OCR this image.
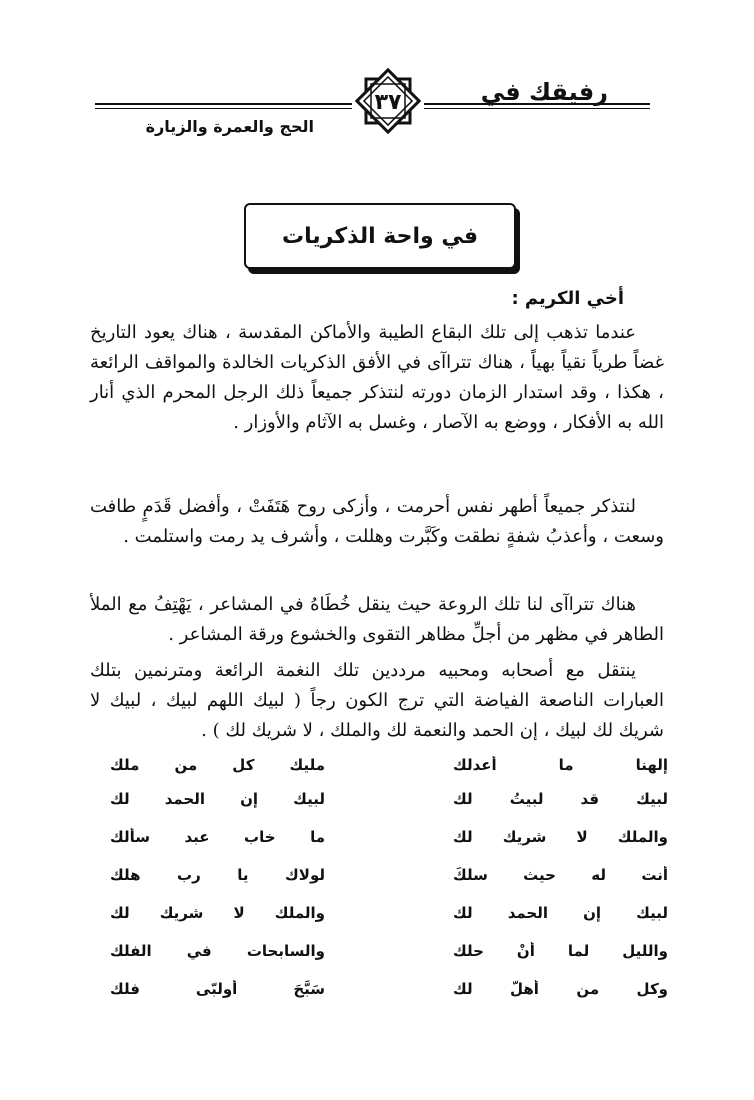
رفيقك في
الحج والعمرة والزيارة
٣٧
في واحة الذكريات
أخي الكريم :

عندما تذهب إلى تلك البقاع الطيبة والأماكن المقدسة ، هناك يعود التاريخ غضاً طرياً نقياً بهياً ، هناك تتراآى في الأفق الذكريات الخالدة والمواقف الرائعة ، هكذا ، وقد استدار الزمان دورته لنتذكر جميعاً ذلك الرجل المحرم الذي أنار الله به الأفكار ، ووضع به الآصار ، وغسل به الآثام والأوزار .

لنتذكر جميعاً أطهر نفس أحرمت ، وأزكى روح هَتَفَتْ ، وأفضل قَدَمٍ طافت وسعت ، وأعذبُ شفةٍ نطقت وكَبَّرت وهللت ، وأشرف يد رمت واستلمت .

هناك تتراآى لنا تلك الروعة حيث ينقل خُطَاهُ في المشاعر ، يَهْتِفُ مع الملأ الطاهر في مظهر من أجلِّ مظاهر التقوى والخشوع ورقة المشاعر .

ينتقل مع أصحابه ومحبيه مرددين تلك النغمة الرائعة ومترنمين بتلك العبارات الناصعة الفياضة التي ترج الكون رجاً ( لبيك اللهم لبيك ، لبيك لا شريك لك لبيك ، إن الحمد والنعمة لك والملك ، لا شريك لك ) .

إلهنا ما أعدلك
مليك كل من ملك
لبيك قد لبيتُ لك
لبيك إن الحمد لك
والملك لا شريك لك
ما خاب عبد سألك
أنت له حيث سلكَ
لولاك يا رب هلك
لبيك إن الحمد لك
والملك لا شريك لك
والليل لما أنْ حلك
والسابحات في الفلك
وكل من أهلّ لك
سَبَّحَ أولبّى فلك
